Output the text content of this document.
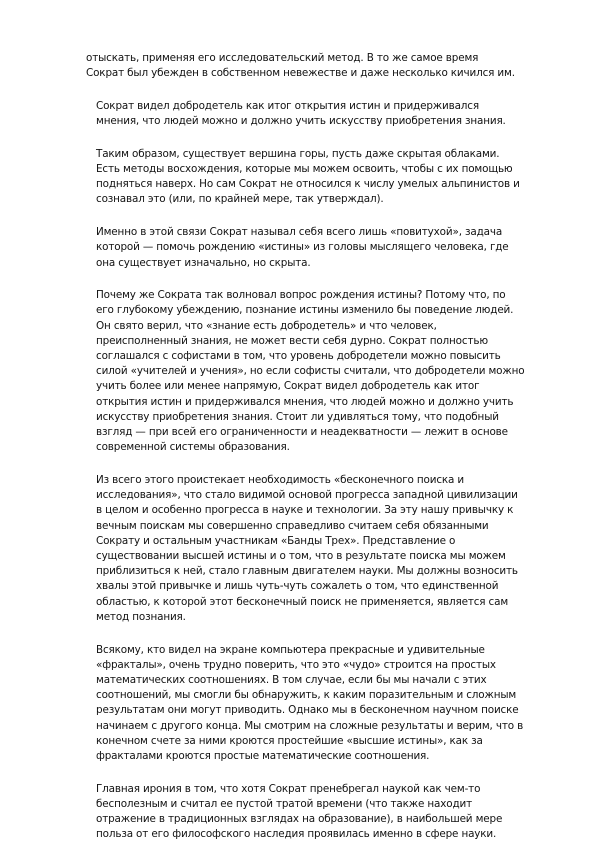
отыскать, применяя его исследовательский метод. В то же самое время
Сократ был убежден в собственном невежестве и даже несколько кичился им.

Сократ видел добродетель как итог открытия истин и придерживался
мнения, что людей можно и должно учить искусству приобретения знания.

Таким образом, существует вершина горы, пусть даже скрытая облаками.
Есть методы восхождения, которые мы можем освоить, чтобы с их помощью
подняться наверх. Но сам Сократ не относился к числу умелых альпинистов и
сознавал это (или, по крайней мере, так утверждал).

Именно в этой связи Сократ называл себя всего лишь «повитухой», задача
которой — помочь рождению «истины» из головы мыслящего человека, где
она существует изначально, но скрыта.

Почему же Сократа так волновал вопрос рождения истины? Потому что, по
его глубокому убеждению, познание истины изменило бы поведение людей.
Он свято верил, что «знание есть добродетель» и что человек,
преисполненный знания, не может вести себя дурно. Сократ полностью
соглашался с софистами в том, что уровень добродетели можно повысить
силой «учителей и учения», но если софисты считали, что добродетели можно
учить более или менее напрямую, Сократ видел добродетель как итог
открытия истин и придерживался мнения, что людей можно и должно учить
искусству приобретения знания. Стоит ли удивляться тому, что подобный
взгляд — при всей его ограниченности и неадекватности — лежит в основе
современной системы образования.

Из всего этого проистекает необходимость «бесконечного поиска и
исследования», что стало видимой основой прогресса западной цивилизации
в целом и особенно прогресса в науке и технологии. За эту нашу привычку к
вечным поискам мы совершенно справедливо считаем себя обязанными
Сократу и остальным участникам «Банды Трех». Представление о
существовании высшей истины и о том, что в результате поиска мы можем
приблизиться к ней, стало главным двигателем науки. Мы должны возносить
хвалы этой привычке и лишь чуть-чуть сожалеть о том, что единственной
областью, к которой этот бесконечный поиск не применяется, является сам
метод познания.

Всякому, кто видел на экране компьютера прекрасные и удивительные
«фракталы», очень трудно поверить, что это «чудо» строится на простых
математических соотношениях. В том случае, если бы мы начали с этих
соотношений, мы смогли бы обнаружить, к каким поразительным и сложным
результатам они могут приводить. Однако мы в бесконечном научном поиске
начинаем с другого конца. Мы смотрим на сложные результаты и верим, что в
конечном счете за ними кроются простейшие «высшие истины», как за
фракталами кроются простые математические соотношения.

Главная ирония в том, что хотя Сократ пренебрегал наукой как чем-то
бесполезным и считал ее пустой тратой времени (что также находит
отражение в традиционных взглядах на образование), в наибольшей мере
польза от его философского наследия проявилась именно в сфере науки.
